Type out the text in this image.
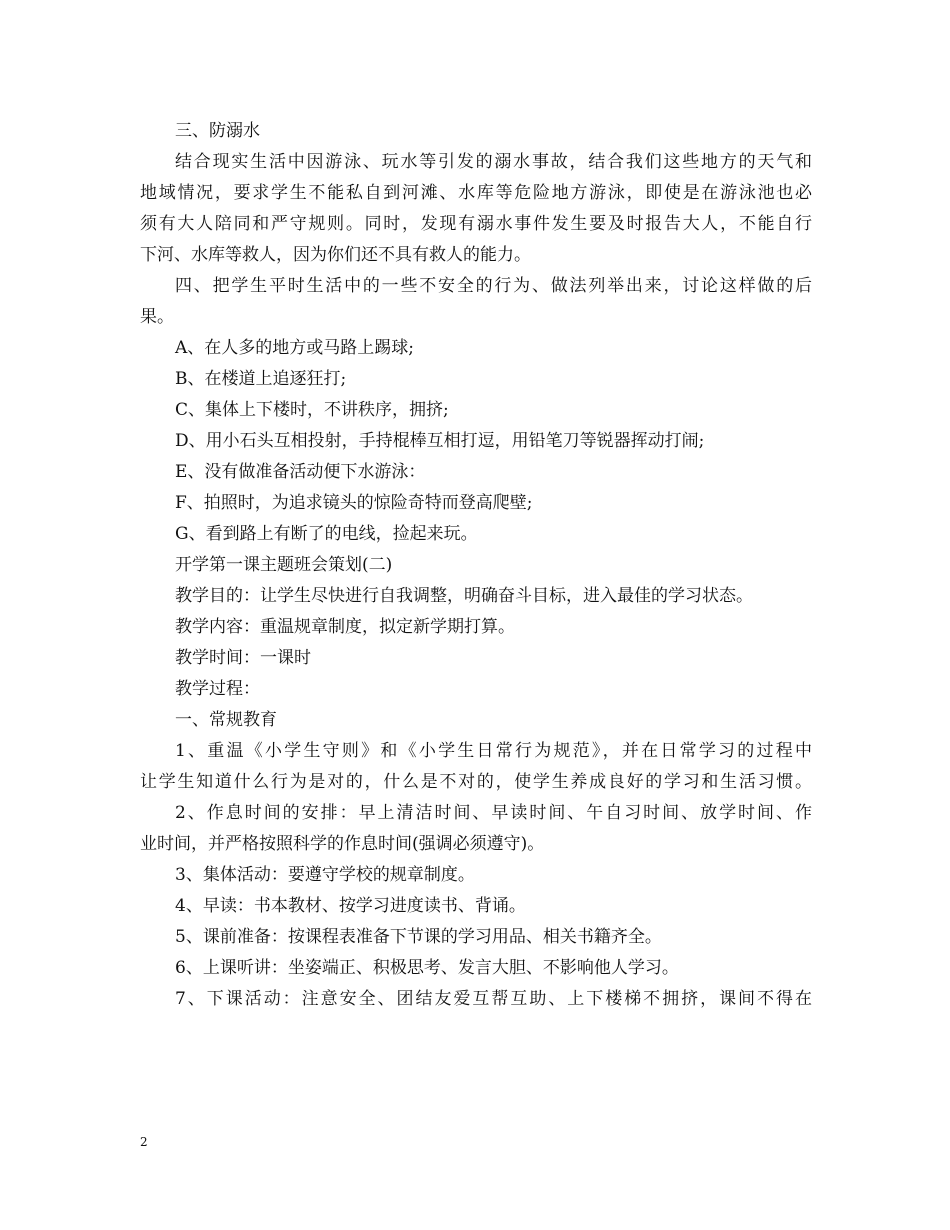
三、防溺水
结合现实生活中因游泳、玩水等引发的溺水事故，结合我们这些地方的天气和
地域情况，要求学生不能私自到河滩、水库等危险地方游泳，即使是在游泳池也必
须有大人陪同和严守规则。同时，发现有溺水事件发生要及时报告大人，不能自行
下河、水库等救人，因为你们还不具有救人的能力。
四、把学生平时生活中的一些不安全的行为、做法列举出来，讨论这样做的后
果。
A、在人多的地方或马路上踢球;
B、在楼道上追逐狂打;
C、集体上下楼时，不讲秩序，拥挤;
D、用小石头互相投射，手持棍棒互相打逗，用铅笔刀等锐器挥动打闹;
E、没有做准备活动便下水游泳：
F、拍照时，为追求镜头的惊险奇特而登高爬壁;
G、看到路上有断了的电线，捡起来玩。
开学第一课主题班会策划(二)
教学目的：让学生尽快进行自我调整，明确奋斗目标，进入最佳的学习状态。
教学内容：重温规章制度，拟定新学期打算。
教学时间：一课时
教学过程：
一、常规教育
1、重温《小学生守则》和《小学生日常行为规范》，并在日常学习的过程中
让学生知道什么行为是对的，什么是不对的，使学生养成良好的学习和生活习惯。
2、作息时间的安排：早上清洁时间、早读时间、午自习时间、放学时间、作
业时间，并严格按照科学的作息时间(强调必须遵守)。
3、集体活动：要遵守学校的规章制度。
4、早读：书本教材、按学习进度读书、背诵。
5、课前准备：按课程表准备下节课的学习用品、相关书籍齐全。
6、上课听讲：坐姿端正、积极思考、发言大胆、不影响他人学习。
7、下课活动：注意安全、团结友爱互帮互助、上下楼梯不拥挤，课间不得在
2
